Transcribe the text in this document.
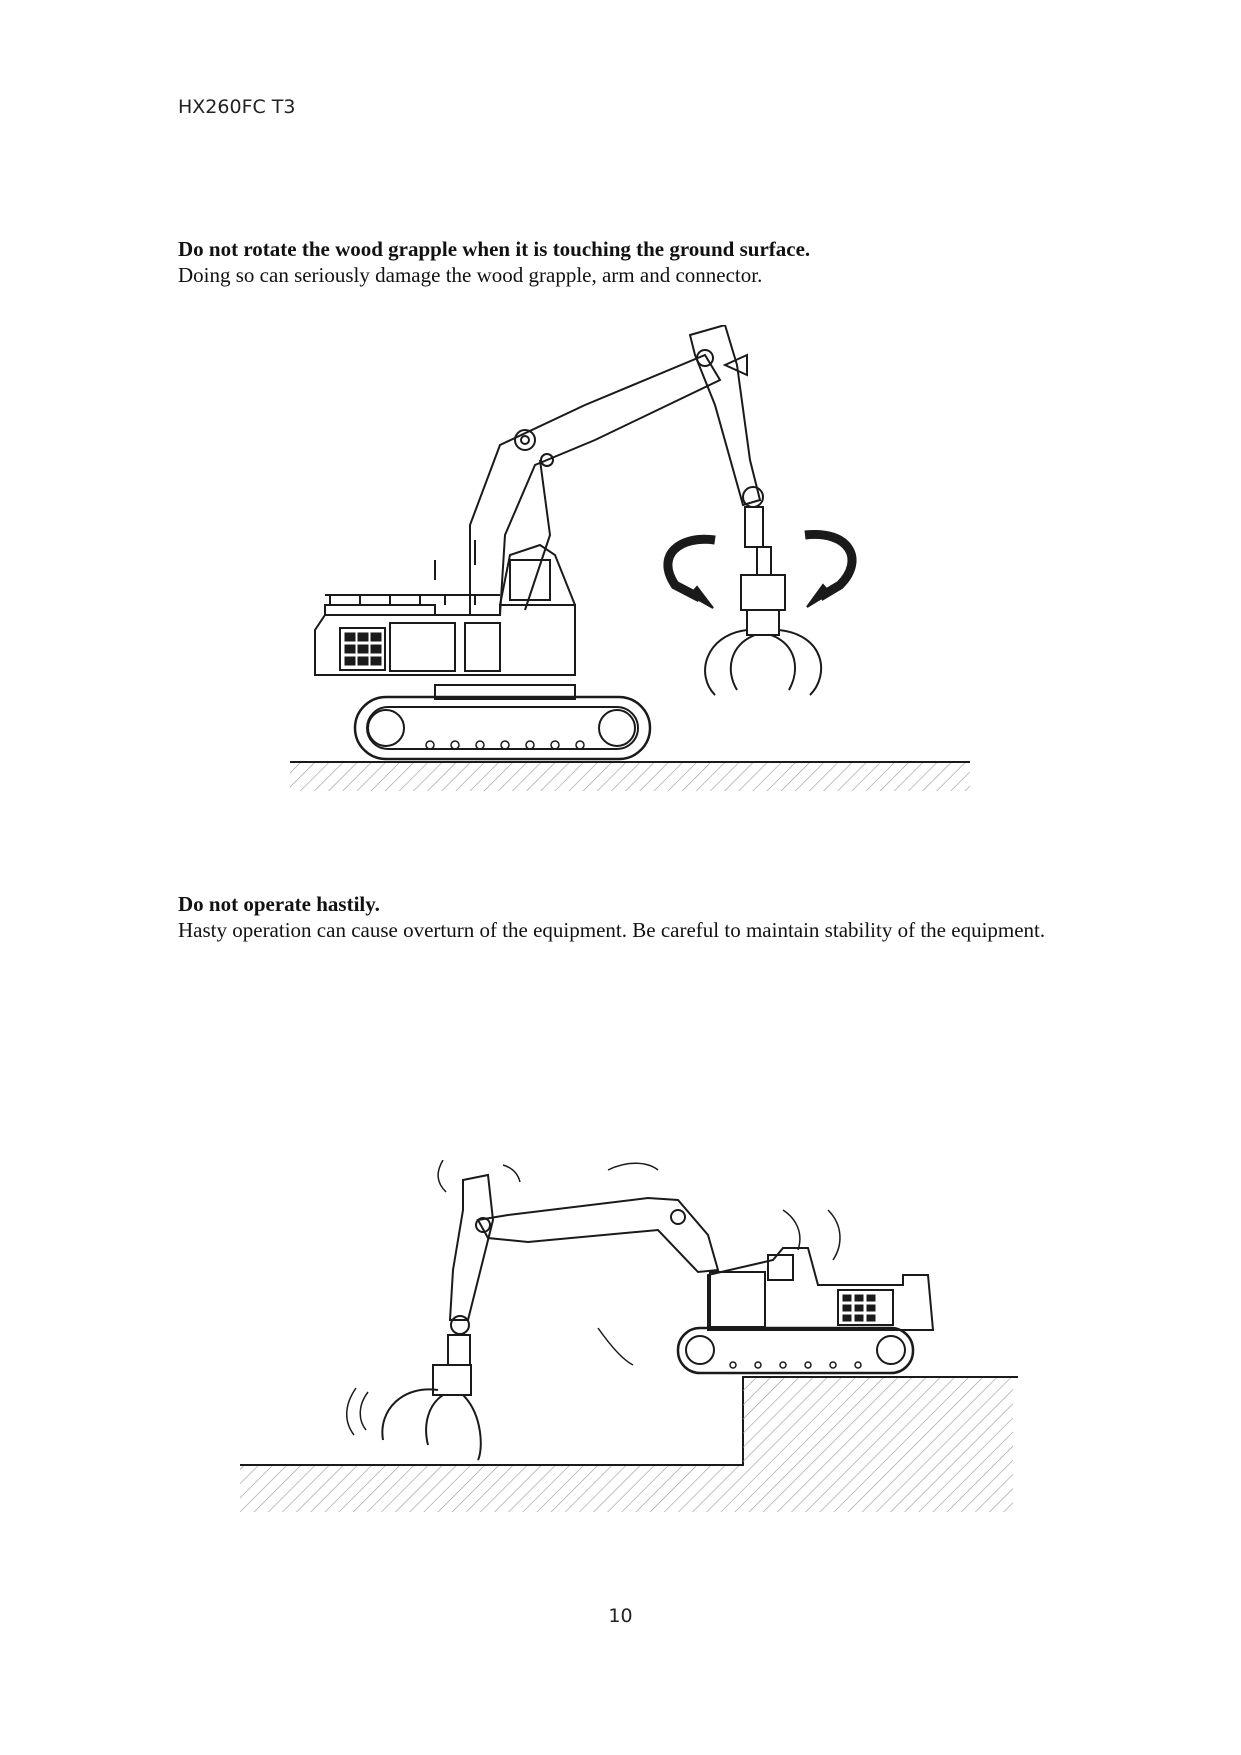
HX260FC T3
Do not rotate the wood grapple when it is touching the ground surface.
Doing so can seriously damage the wood grapple, arm and connector.
Do not operate hastily.
Hasty operation can cause overturn of the equipment. Be careful to maintain stability of the equipment.
10
